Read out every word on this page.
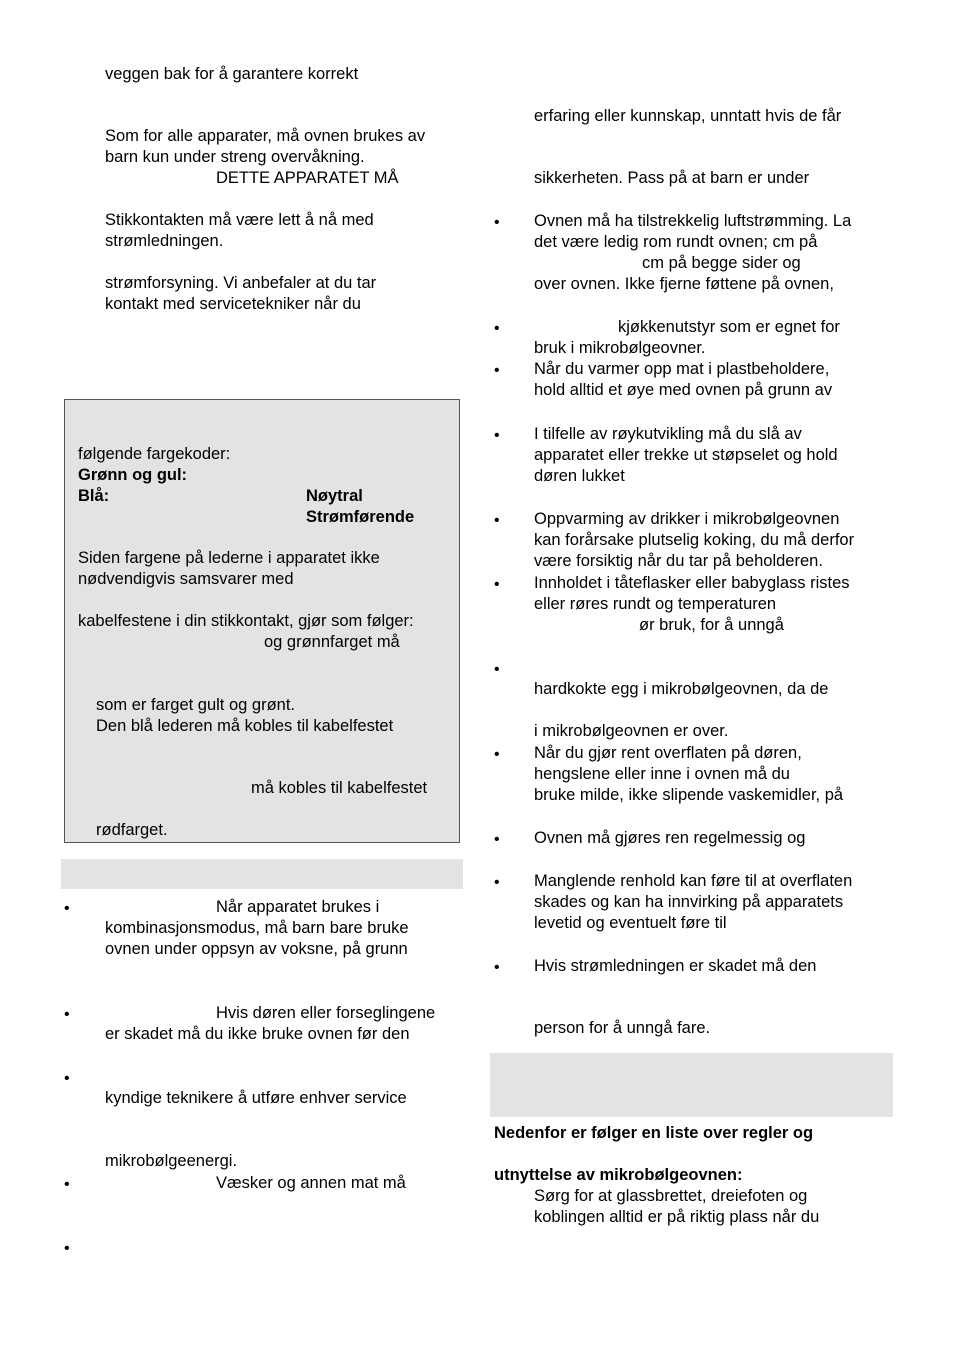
veggen bak for å garantere korrekt
Som for alle apparater, må ovnen brukes av
barn kun under streng overvåkning.
DETTE APPARATET MÅ
Stikkontakten må være lett å nå med
strømledningen.
strømforsyning. Vi anbefaler at du tar
kontakt med servicetekniker når du
følgende fargekoder:
Grønn og gul:
Blå:	Nøytral
Strømførende
Siden fargene på lederne i apparatet ikke
nødvendigvis samsvarer med
kabelfestene i din stikkontakt, gjør som følger:
og grønnfarget må
som er farget gult og grønt.
Den blå lederen må kobles til kabelfestet
må kobles til kabelfestet
rødfarget.
•	Når apparatet brukes i
kombinasjonsmodus, må barn bare bruke
ovnen under oppsyn av voksne, på grunn
•	Hvis døren eller forseglingene
er skadet må du ikke bruke ovnen før den
•
kyndige teknikere å utføre enhver service
mikrobølgeenergi.
•	Væsker og annen mat må
•
erfaring eller kunnskap, unntatt hvis de får
sikkerheten. Pass på at barn er under
• Ovnen må ha tilstrekkelig luftstrømming. La
det være ledig rom rundt ovnen; cm på
cm på begge sider og
over ovnen. Ikke fjerne føttene på ovnen,
•	kjøkkenutstyr som er egnet for
bruk i mikrobølgeovner.
• Når du varmer opp mat i plastbeholdere,
hold alltid et øye med ovnen på grunn av
• I tilfelle av røykutvikling må du slå av
apparatet eller trekke ut støpselet og hold
døren lukket
• Oppvarming av drikker i mikrobølgeovnen
kan forårsake plutselig koking, du må derfor
være forsiktig når du tar på beholderen.
• Innholdet i tåteflasker eller babyglass ristes
eller røres rundt og temperaturen
ør bruk, for å unngå
•
hardkokte egg i mikrobølgeovnen, da de
i mikrobølgeovnen er over.
• Når du gjør rent overflaten på døren,
hengslene eller inne i ovnen må du
bruke milde, ikke slipende vaskemidler, på
• Ovnen må gjøres ren regelmessig og
• Manglende renhold kan føre til at overflaten
skades og kan ha innvirking på apparatets
levetid og eventuelt føre til
• Hvis strømledningen er skadet må den
person for å unngå fare.
Nedenfor er følger en liste over regler og
utnyttelse av mikrobølgeovnen:
Sørg for at glassbrettet, dreiefoten og
koblingen alltid er på riktig plass når du
